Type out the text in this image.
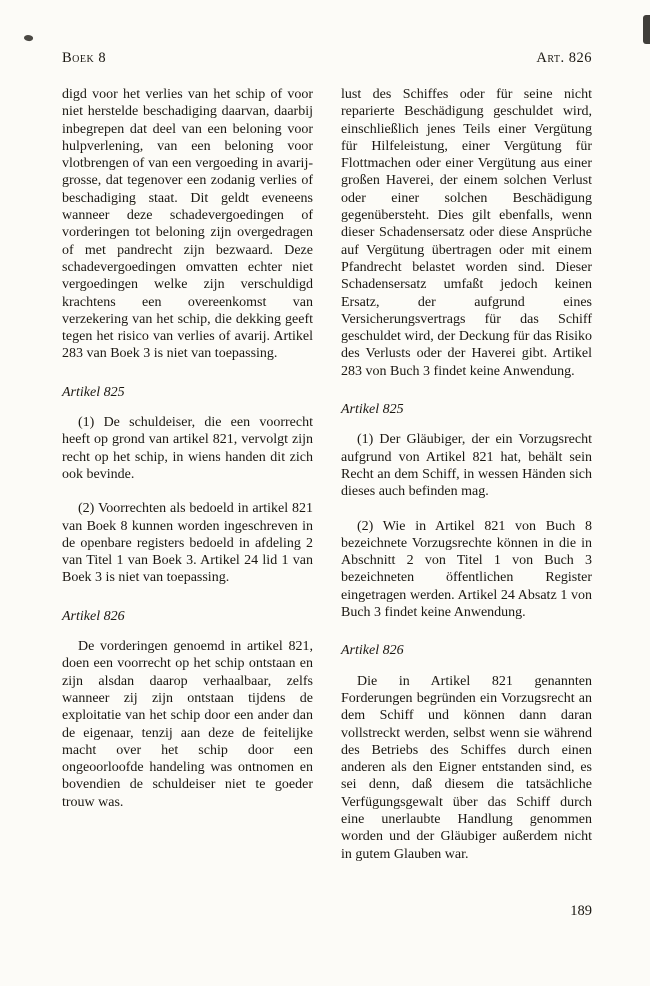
Boek 8	Art. 826

digd voor het verlies van het schip of voor niet herstelde beschadiging daarvan, daarbij inbegrepen dat deel van een beloning voor hulpverlening, van een beloning voor vlotbrengen of van een vergoeding in avarij-grosse, dat tegenover een zodanig verlies of beschadiging staat. Dit geldt eveneens wanneer deze schadevergoedingen of vorderingen tot beloning zijn overgedragen of met pandrecht zijn bezwaard. Deze schadevergoedingen omvatten echter niet vergoedingen welke zijn verschuldigd krachtens een overeenkomst van verzekering van het schip, die dekking geeft tegen het risico van verlies of avarij. Artikel 283 van Boek 3 is niet van toepassing.

Artikel 825

(1) De schuldeiser, die een voorrecht heeft op grond van artikel 821, vervolgt zijn recht op het schip, in wiens handen dit zich ook bevinde.

(2) Voorrechten als bedoeld in artikel 821 van Boek 8 kunnen worden ingeschreven in de openbare registers bedoeld in afdeling 2 van Titel 1 van Boek 3. Artikel 24 lid 1 van Boek 3 is niet van toepassing.

Artikel 826

De vorderingen genoemd in artikel 821, doen een voorrecht op het schip ontstaan en zijn alsdan daarop verhaalbaar, zelfs wanneer zij zijn ontstaan tijdens de exploitatie van het schip door een ander dan de eigenaar, tenzij aan deze de feitelijke macht over het schip door een ongeoorloofde handeling was ontnomen en bovendien de schuldeiser niet te goeder trouw was.

lust des Schiffes oder für seine nicht reparierte Beschädigung geschuldet wird, einschließlich jenes Teils einer Vergütung für Hilfeleistung, einer Vergütung für Flottmachen oder einer Vergütung aus einer großen Haverei, der einem solchen Verlust oder einer solchen Beschädigung gegenübersteht. Dies gilt ebenfalls, wenn dieser Schadensersatz oder diese Ansprüche auf Vergütung übertragen oder mit einem Pfandrecht belastet worden sind. Dieser Schadensersatz umfaßt jedoch keinen Ersatz, der aufgrund eines Versicherungsvertrags für das Schiff geschuldet wird, der Deckung für das Risiko des Verlusts oder der Haverei gibt. Artikel 283 von Buch 3 findet keine Anwendung.

Artikel 825

(1) Der Gläubiger, der ein Vorzugsrecht aufgrund von Artikel 821 hat, behält sein Recht an dem Schiff, in wessen Händen sich dieses auch befinden mag.

(2) Wie in Artikel 821 von Buch 8 bezeichnete Vorzugsrechte können in die in Abschnitt 2 von Titel 1 von Buch 3 bezeichneten öffentlichen Register eingetragen werden. Artikel 24 Absatz 1 von Buch 3 findet keine Anwendung.

Artikel 826

Die in Artikel 821 genannten Forderungen begründen ein Vorzugsrecht an dem Schiff und können dann daran vollstreckt werden, selbst wenn sie während des Betriebs des Schiffes durch einen anderen als den Eigner entstanden sind, es sei denn, daß diesem die tatsächliche Verfügungsgewalt über das Schiff durch eine unerlaubte Handlung genommen worden und der Gläubiger außerdem nicht in gutem Glauben war.

189
